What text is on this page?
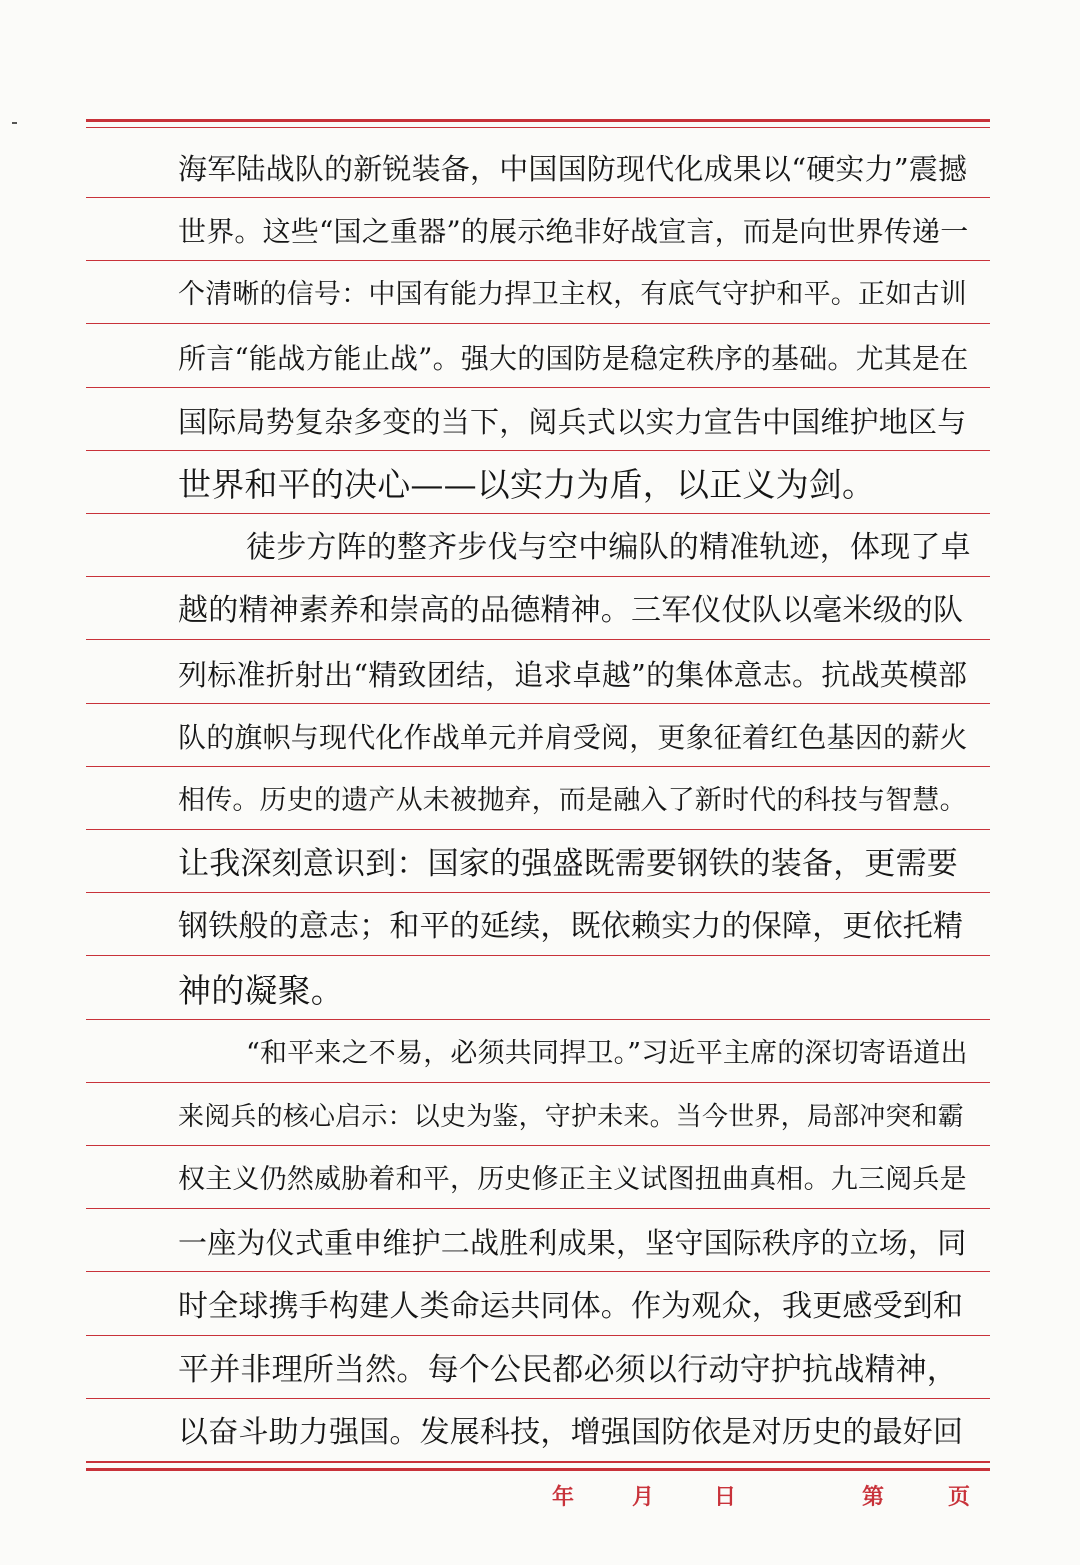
海军陆战队的新锐装备，中国国防现代化成果以“硬实力”震撼
世界。这些“国之重器”的展示绝非好战宣言，而是向世界传递一
个清晰的信号：中国有能力捍卫主权，有底气守护和平。正如古训
所言“能战方能止战”。强大的国防是稳定秩序的基础。尤其是在
国际局势复杂多变的当下，阅兵式以实力宣告中国维护地区与
世界和平的决心——以实力为盾，以正义为剑。
徒步方阵的整齐步伐与空中编队的精准轨迹，体现了卓
越的精神素养和崇高的品德精神。三军仪仗队以毫米级的队
列标准折射出“精致团结，追求卓越”的集体意志。抗战英模部
队的旗帜与现代化作战单元并肩受阅，更象征着红色基因的薪火
相传。历史的遗产从未被抛弃，而是融入了新时代的科技与智慧。
让我深刻意识到：国家的强盛既需要钢铁的装备，更需要
钢铁般的意志；和平的延续，既依赖实力的保障，更依托精
神的凝聚。
“和平来之不易，必须共同捍卫。”习近平主席的深切寄语道出
来阅兵的核心启示：以史为鉴，守护未来。当今世界，局部冲突和霸
权主义仍然威胁着和平，历史修正主义试图扭曲真相。九三阅兵是
一座为仪式重申维护二战胜利成果，坚守国际秩序的立场，同
时全球携手构建人类命运共同体。作为观众，我更感受到和
平并非理所当然。每个公民都必须以行动守护抗战精神，
以奋斗助力强国。发展科技，增强国防依是对历史的最好回
年	月	日	第	页
